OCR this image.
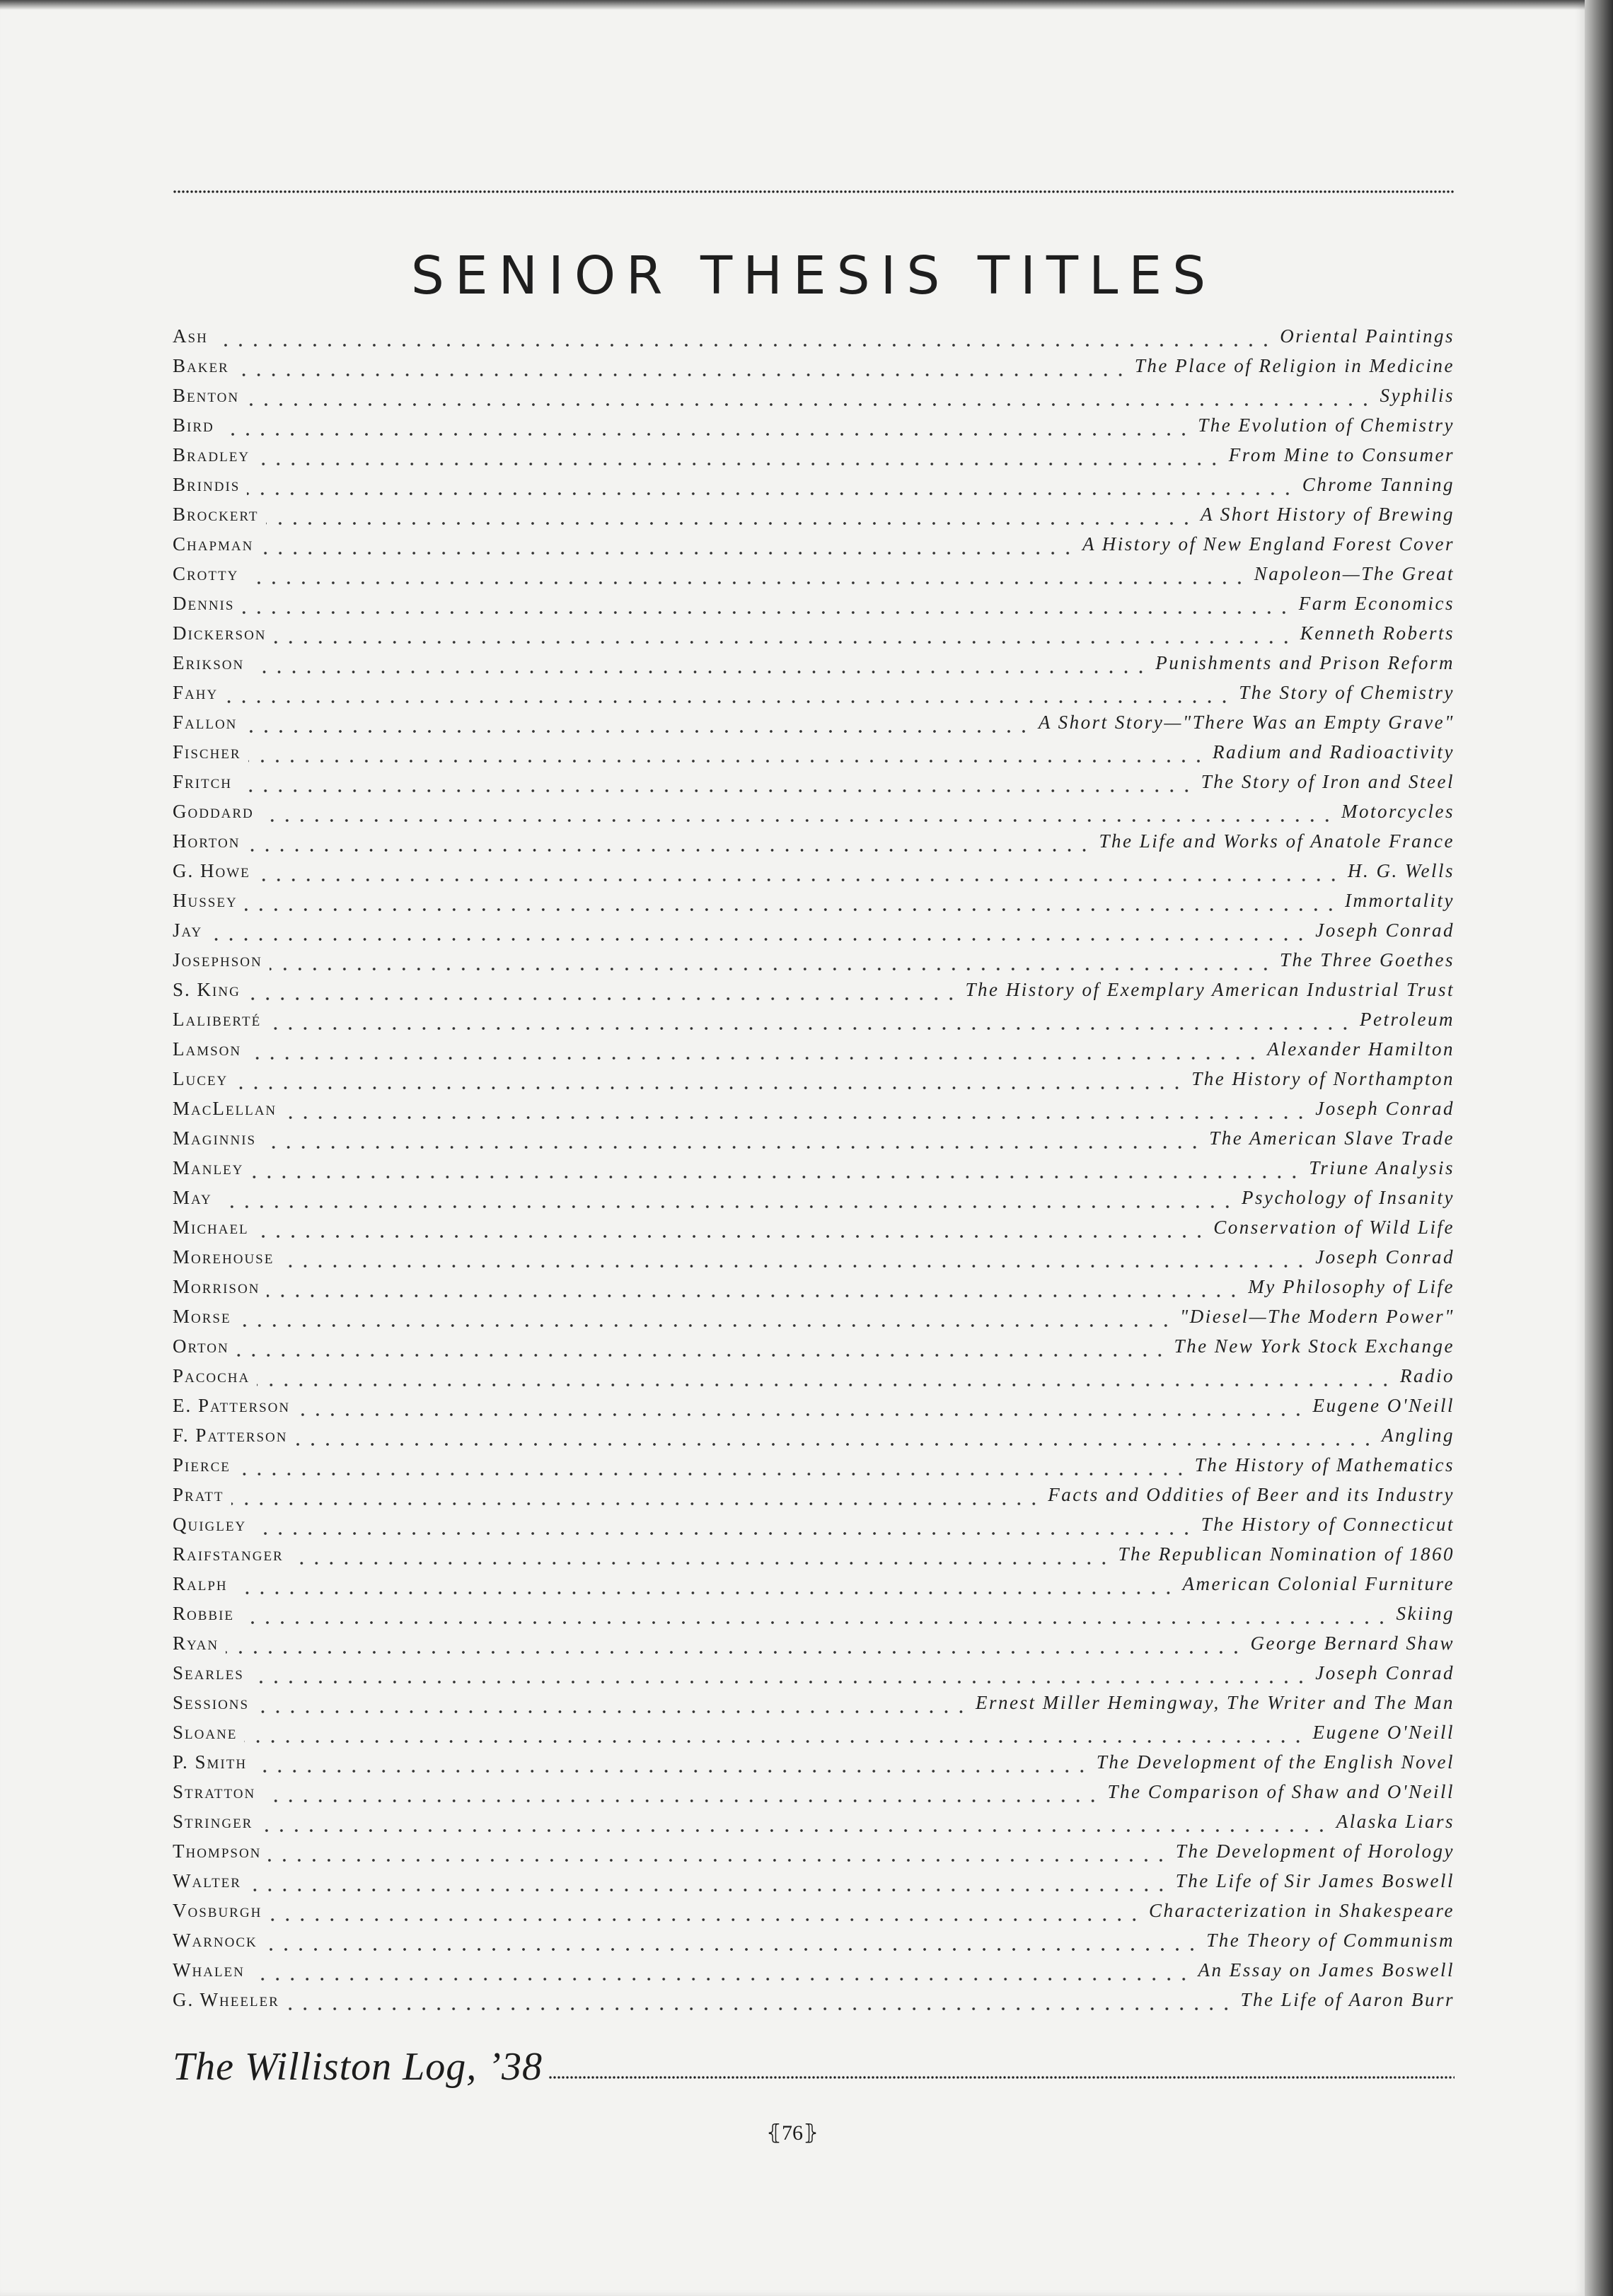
SENIOR THESIS TITLES
Ash	Oriental Paintings
Baker	The Place of Religion in Medicine
Benton	Syphilis
Bird	The Evolution of Chemistry
Bradley	From Mine to Consumer
Brindis	Chrome Tanning
Brockert	A Short History of Brewing
Chapman	A History of New England Forest Cover
Crotty	Napoleon—The Great
Dennis	Farm Economics
Dickerson	Kenneth Roberts
Erikson	Punishments and Prison Reform
Fahy	The Story of Chemistry
Fallon	A Short Story—"There Was an Empty Grave"
Fischer	Radium and Radioactivity
Fritch	The Story of Iron and Steel
Goddard	Motorcycles
Horton	The Life and Works of Anatole France
G. Howe	H. G. Wells
Hussey	Immortality
Jay	Joseph Conrad
Josephson	The Three Goethes
S. King	The History of Exemplary American Industrial Trust
Laliberté	Petroleum
Lamson	Alexander Hamilton
Lucey	The History of Northampton
MacLellan	Joseph Conrad
Maginnis	The American Slave Trade
Manley	Triune Analysis
May	Psychology of Insanity
Michael	Conservation of Wild Life
Morehouse	Joseph Conrad
Morrison	My Philosophy of Life
Morse	"Diesel—The Modern Power"
Orton	The New York Stock Exchange
Pacocha	Radio
E. Patterson	Eugene O'Neill
F. Patterson	Angling
Pierce	The History of Mathematics
Pratt	Facts and Oddities of Beer and its Industry
Quigley	The History of Connecticut
Raifstanger	The Republican Nomination of 1860
Ralph	American Colonial Furniture
Robbie	Skiing
Ryan	George Bernard Shaw
Searles	Joseph Conrad
Sessions	Ernest Miller Hemingway, The Writer and The Man
Sloane	Eugene O'Neill
P. Smith	The Development of the English Novel
Stratton	The Comparison of Shaw and O'Neill
Stringer	Alaska Liars
Thompson	The Development of Horology
Walter	The Life of Sir James Boswell
Vosburgh	Characterization in Shakespeare
Warnock	The Theory of Communism
Whalen	An Essay on James Boswell
G. Wheeler	The Life of Aaron Burr
The Williston Log, ’38
⦃76⦄
